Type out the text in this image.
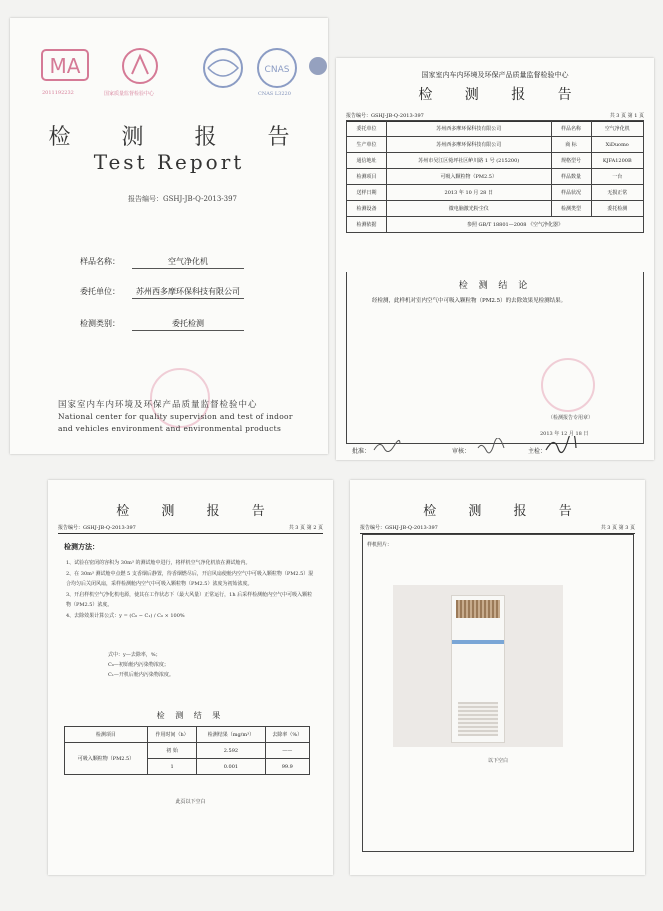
MA
2011192232	国家质量监督检验中心
CNAS
CNAS L3220
检 测 报 告
Test Report
报告编号：GSHJ-JB-Q-2013-397
样品名称：	空气净化机
委托单位： 苏州西多摩环保科技有限公司
检测类别：	委托检测
国家室内车内环境及环保产品质量监督检验中心
National center for quality supervision and test of indoor and vehicles environment and environmental products
国家室内车内环境及环保产品质量监督检验中心
检 测 报 告
报告编号：GSHJ-JB-Q-2013-397	共 3 页 第 1 页
委托单位	苏州西多摩环保科技有限公司	样品名称	空气净化机
生产单位	苏州西多摩环保科技有限公司	商 标	XiDuomo
通信地址	苏州市吴江区菀坪社区鲈川路 1 号 (215200)	规格型号	KJFA1200B
检测项目	可吸入颗粒物（PM2.5）	样品数量	一台
送样日期	2013 年 10 月 28 日	样品状况	无损正常
检测设备	微电脑激光粉尘仪	检测类型	委托检测
检测依据	参照 GB/T 18801—2008 《空气净化器》		
检 测 结 论
经检测，此样机对室内空气中可吸入颗粒物（PM2.5）的去除效果见检测结果。
（检测报告专用章）
2013 年 12 月 18 日
批准：	审核：	主检：
检 测 报 告
报告编号：GSHJ-JB-Q-2013-397	共 3 页 第 2 页
检测方法：
1、试验在密闭的容积为 30m³ 的测试舱中进行，将样机空气净化机放在测试舱内。
2、在 30m³ 测试舱中点燃 5 支香烟后静置，待香烟燃尽后，开启风扇使舱内空气中可吸入颗粒物（PM2.5）混合均匀后关闭风扇，采样检测舱内空气中可吸入颗粒物（PM2.5）浓度为初始浓度。
3、开启样机空气净化机电源，使其在工作状态下（最大风量）正常运行，1h 后采样检测舱内空气中可吸入颗粒物（PM2.5）浓度。
4、去除效果计算公式：y = (C₀ − C₁) / C₀ × 100%
式中：y—去除率，%；
C₀—初始舱内污染物浓度；
C₁—开机后舱内污染物浓度。
检 测 结 果
检测项目	作用时间（h）	检测结果（mg/m³）	去除率（%）
可吸入颗粒物（PM2.5）	初 始	2.592	——
	1	0.001	99.9
此页以下空白
检 测 报 告
报告编号：GSHJ-JB-Q-2013-397	共 3 页 第 3 页
样机照片：
以下空白
